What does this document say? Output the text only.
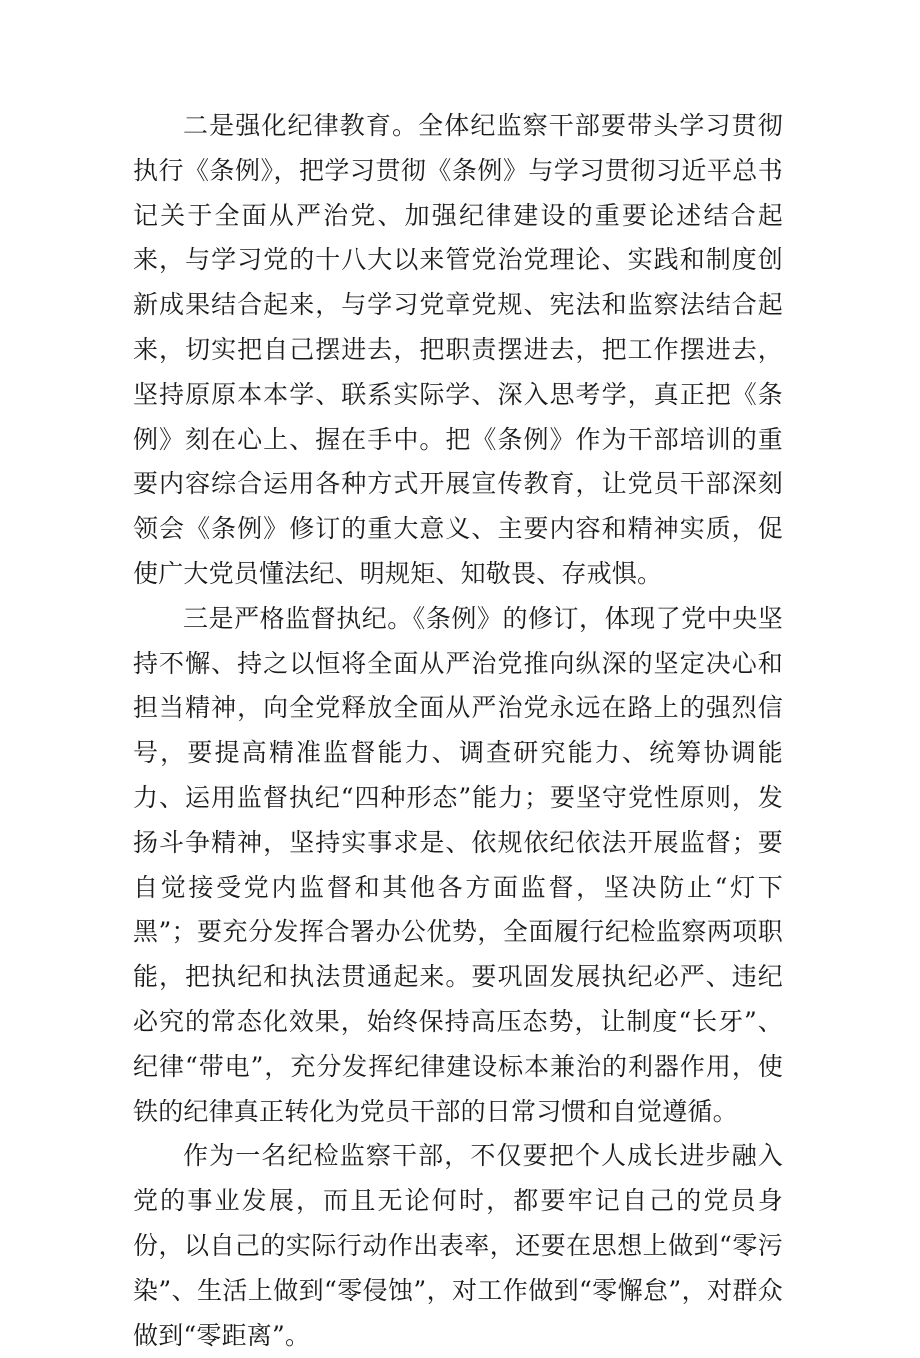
二是强化纪律教育。全体纪监察干部要带头学习贯彻执行《条例》，把学习贯彻《条例》与学习贯彻习近平总书记关于全面从严治党、加强纪律建设的重要论述结合起来，与学习党的十八大以来管党治党理论、实践和制度创新成果结合起来，与学习党章党规、宪法和监察法结合起来，切实把自己摆进去，把职责摆进去，把工作摆进去，坚持原原本本学、联系实际学、深入思考学，真正把《条例》刻在心上、握在手中。把《条例》作为干部培训的重要内容综合运用各种方式开展宣传教育，让党员干部深刻领会《条例》修订的重大意义、主要内容和精神实质，促使广大党员懂法纪、明规矩、知敬畏、存戒惧。

三是严格监督执纪。《条例》的修订，体现了党中央坚持不懈、持之以恒将全面从严治党推向纵深的坚定决心和担当精神，向全党释放全面从严治党永远在路上的强烈信号，要提高精准监督能力、调查研究能力、统筹协调能力、运用监督执纪“四种形态”能力；要坚守党性原则，发扬斗争精神，坚持实事求是、依规依纪依法开展监督；要自觉接受党内监督和其他各方面监督，坚决防止“灯下黑”；要充分发挥合署办公优势，全面履行纪检监察两项职能，把执纪和执法贯通起来。要巩固发展执纪必严、违纪必究的常态化效果，始终保持高压态势，让制度“长牙”、纪律“带电”，充分发挥纪律建设标本兼治的利器作用，使铁的纪律真正转化为党员干部的日常习惯和自觉遵循。

作为一名纪检监察干部，不仅要把个人成长进步融入党的事业发展，而且无论何时，都要牢记自己的党员身份，以自己的实际行动作出表率，还要在思想上做到“零污染”、生活上做到“零侵蚀”，对工作做到“零懈怠”，对群众做到“零距离”。
